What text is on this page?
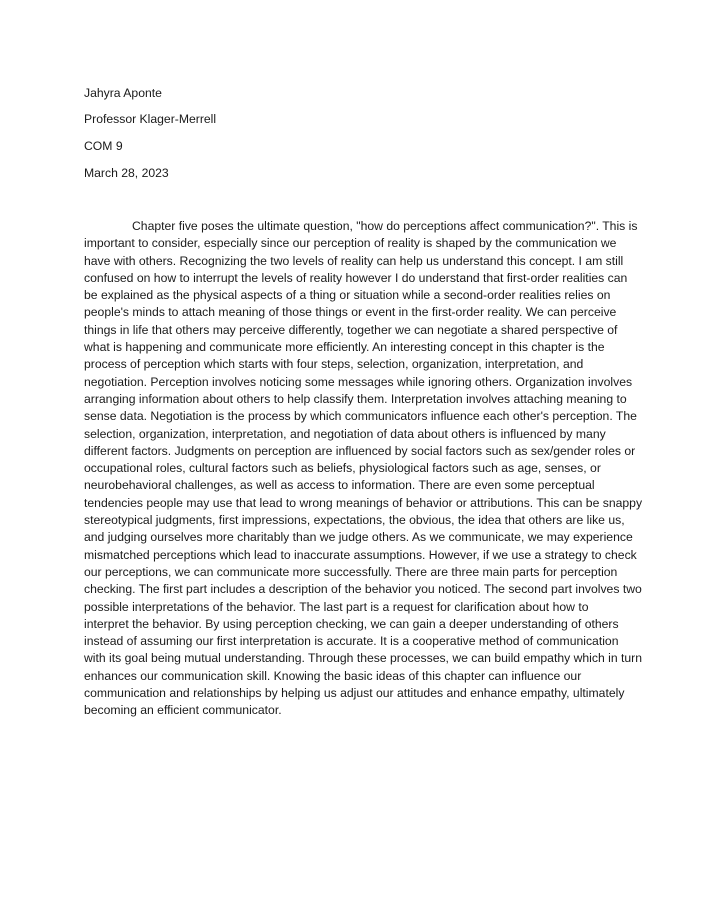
Jahyra Aponte
Professor Klager-Merrell
COM 9
March 28, 2023
Chapter five poses the ultimate question, "how do perceptions affect communication?". This is
important to consider, especially since our perception of reality is shaped by the communication we
have with others. Recognizing the two levels of reality can help us understand this concept. I am still
confused on how to interrupt the levels of reality however I do understand that first-order realities can
be explained as the physical aspects of a thing or situation while a second-order realities relies on
people's minds to attach meaning of those things or event in the first-order reality. We can perceive
things in life that others may perceive differently, together we can negotiate a shared perspective of
what is happening and communicate more efficiently. An interesting concept in this chapter is the
process of perception which starts with four steps, selection, organization, interpretation, and
negotiation. Perception involves noticing some messages while ignoring others. Organization involves
arranging information about others to help classify them. Interpretation involves attaching meaning to
sense data. Negotiation is the process by which communicators influence each other's perception. The
selection, organization, interpretation, and negotiation of data about others is influenced by many
different factors. Judgments on perception are influenced by social factors such as sex/gender roles or
occupational roles, cultural factors such as beliefs, physiological factors such as age, senses, or
neurobehavioral challenges, as well as access to information. There are even some perceptual
tendencies people may use that lead to wrong meanings of behavior or attributions. This can be snappy
stereotypical judgments, first impressions, expectations, the obvious, the idea that others are like us,
and judging ourselves more charitably than we judge others. As we communicate, we may experience
mismatched perceptions which lead to inaccurate assumptions. However, if we use a strategy to check
our perceptions, we can communicate more successfully. There are three main parts for perception
checking. The first part includes a description of the behavior you noticed. The second part involves two
possible interpretations of the behavior. The last part is a request for clarification about how to
interpret the behavior. By using perception checking, we can gain a deeper understanding of others
instead of assuming our first interpretation is accurate. It is a cooperative method of communication
with its goal being mutual understanding. Through these processes, we can build empathy which in turn
enhances our communication skill. Knowing the basic ideas of this chapter can influence our
communication and relationships by helping us adjust our attitudes and enhance empathy, ultimately
becoming an efficient communicator.
